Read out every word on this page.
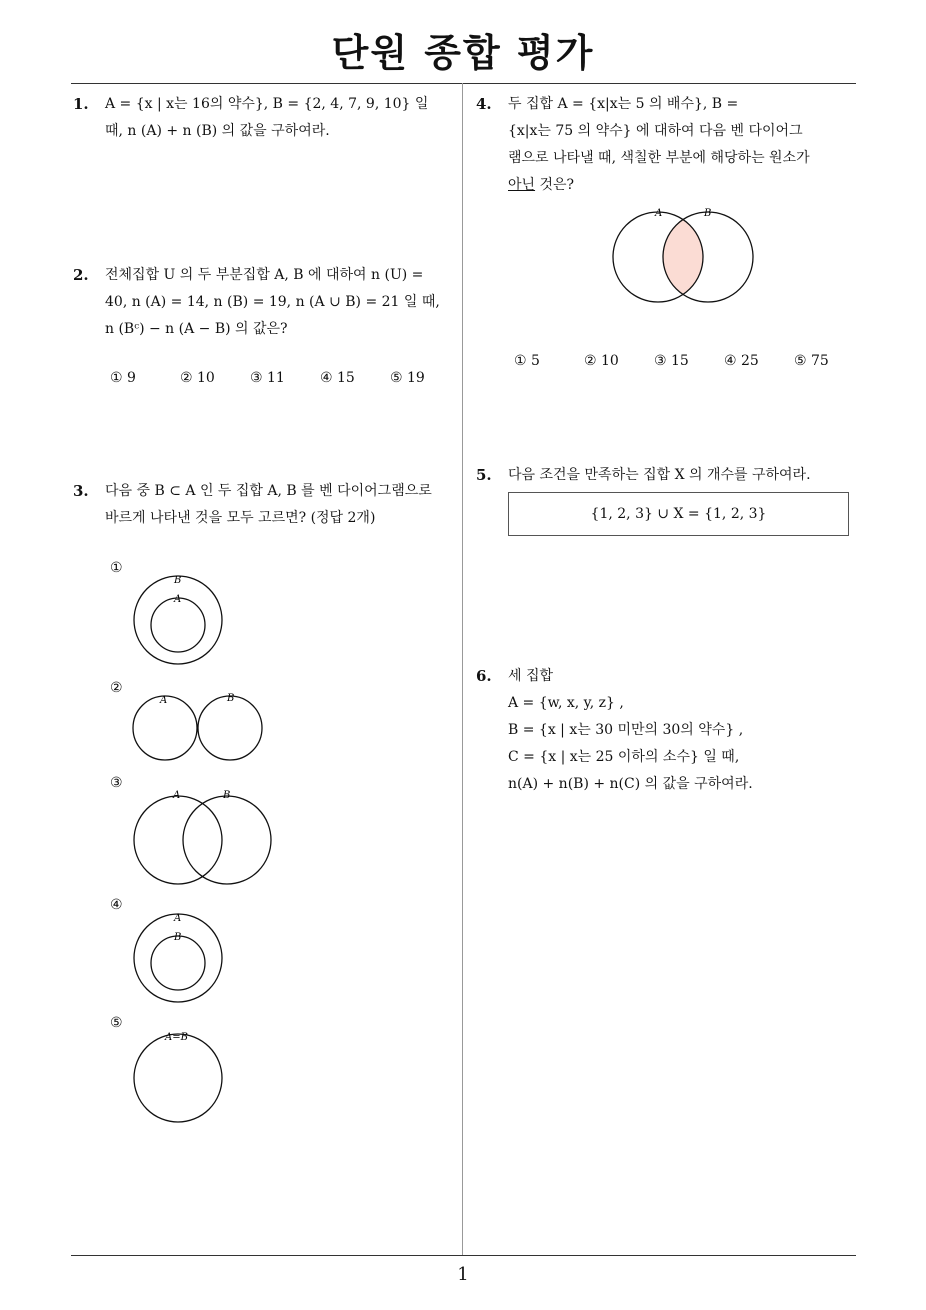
단원 종합 평가
1. A = {x | x는 16의 약수}, B = {2, 4, 7, 9, 10} 일
때, n (A) + n (B) 의 값을 구하여라.
2. 전체집합 U 의 두 부분집합 A, B 에 대하여 n (U) =
40, n (A) = 14, n (B) = 19, n (A ∪ B) = 21 일 때,
n (Bᶜ) − n (A − B) 의 값은?
① 9	② 10	③ 11	④ 15	⑤ 19
3. 다음 중 B ⊂ A 인 두 집합 A, B 를 벤 다이어그램으로
바르게 나타낸 것을 모두 고르면? (정답 2개)
①
B
A
②
A	B
③
A	B
④
A
B
⑤
A=B
4. 두 집합 A = {x|x는 5 의 배수}, B =
{x|x는 75 의 약수} 에 대하여 다음 벤 다이어그
램으로 나타낼 때, 색칠한 부분에 해당하는 원소가
아닌 것은?
A	B
① 5	② 10	③ 15	④ 25	⑤ 75
5. 다음 조건을 만족하는 집합 X 의 개수를 구하여라.
{1, 2, 3} ∪ X = {1, 2, 3}
6. 세 집합
A = {w, x, y, z} ,
B = {x | x는 30 미만의 30의 약수} ,
C = {x | x는 25 이하의 소수} 일 때,
n(A) + n(B) + n(C) 의 값을 구하여라.
1
